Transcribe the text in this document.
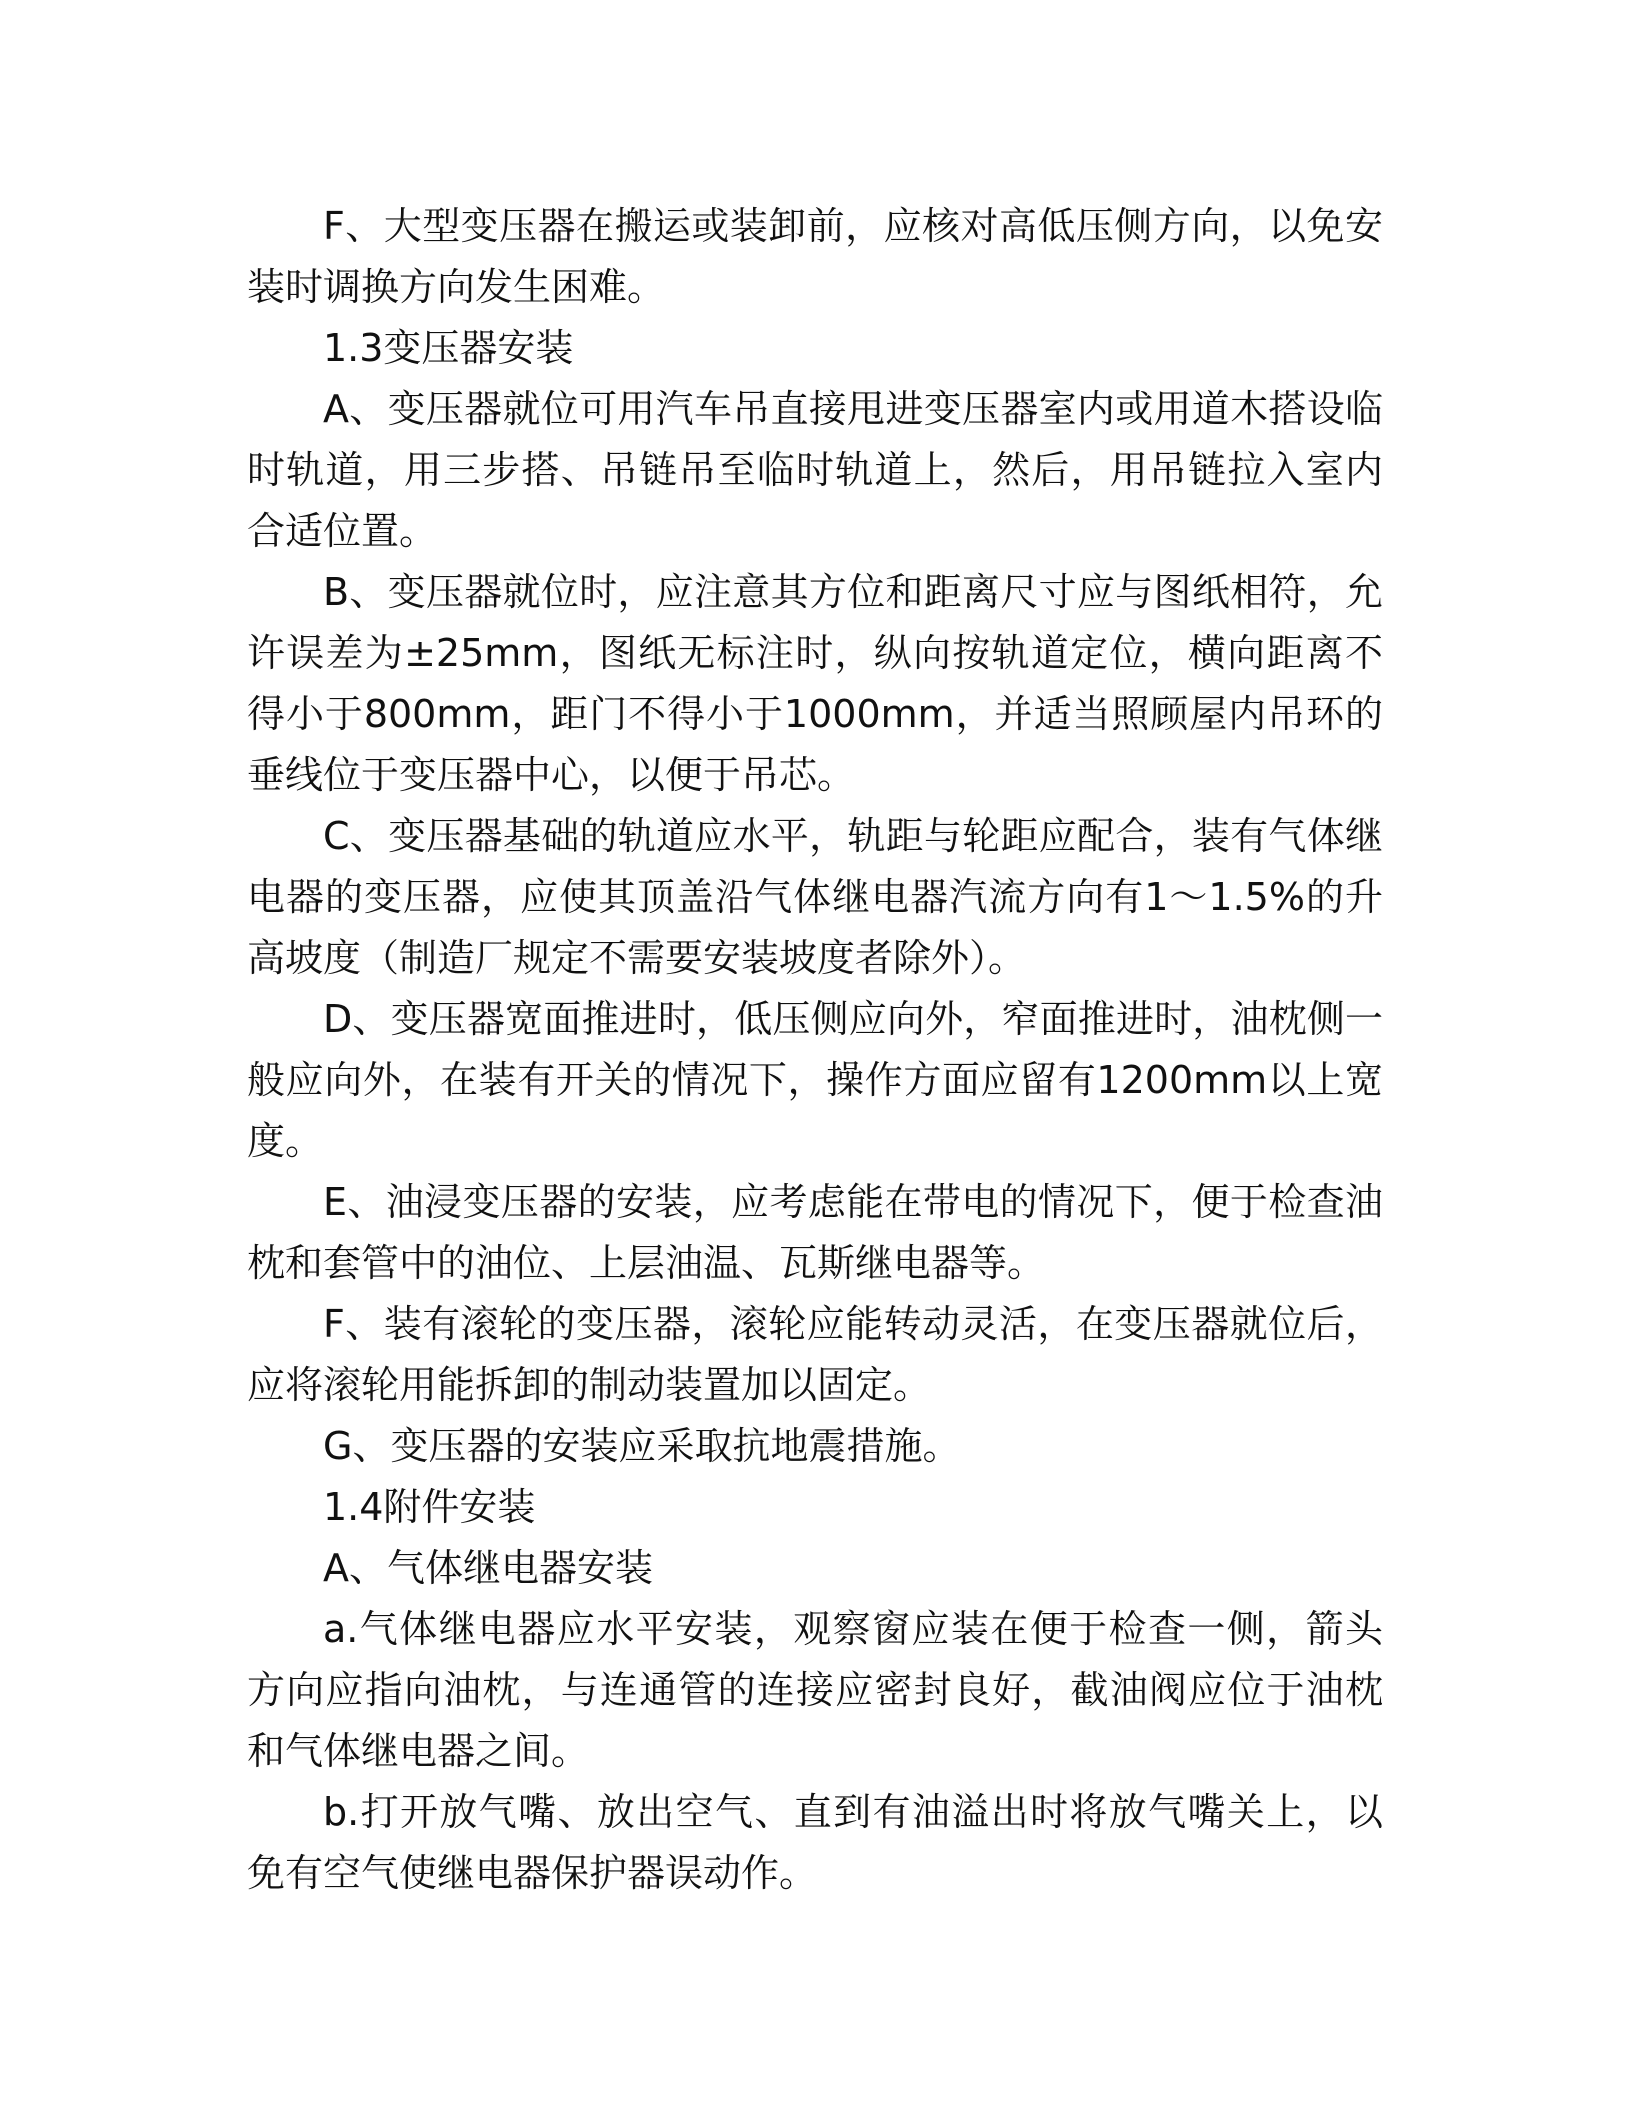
F、大型变压器在搬运或装卸前，应核对高低压侧方向，以免安装时调换方向发生困难。

1.3变压器安装

A、变压器就位可用汽车吊直接甩进变压器室内或用道木搭设临时轨道，用三步搭、吊链吊至临时轨道上，然后，用吊链拉入室内合适位置。

B、变压器就位时，应注意其方位和距离尺寸应与图纸相符，允许误差为±25mm，图纸无标注时，纵向按轨道定位，横向距离不得小于800mm，距门不得小于1000mm，并适当照顾屋内吊环的垂线位于变压器中心，以便于吊芯。

C、变压器基础的轨道应水平，轨距与轮距应配合，装有气体继电器的变压器，应使其顶盖沿气体继电器汽流方向有1～1.5%的升高坡度（制造厂规定不需要安装坡度者除外）。

D、变压器宽面推进时，低压侧应向外，窄面推进时，油枕侧一般应向外，在装有开关的情况下，操作方面应留有1200mm以上宽度。

E、油浸变压器的安装，应考虑能在带电的情况下，便于检查油枕和套管中的油位、上层油温、瓦斯继电器等。

F、装有滚轮的变压器，滚轮应能转动灵活，在变压器就位后，应将滚轮用能拆卸的制动装置加以固定。

G、变压器的安装应采取抗地震措施。

1.4附件安装

A、气体继电器安装

a.气体继电器应水平安装，观察窗应装在便于检查一侧，箭头方向应指向油枕，与连通管的连接应密封良好，截油阀应位于油枕和气体继电器之间。

b.打开放气嘴、放出空气、直到有油溢出时将放气嘴关上，以免有空气使继电器保护器误动作。
